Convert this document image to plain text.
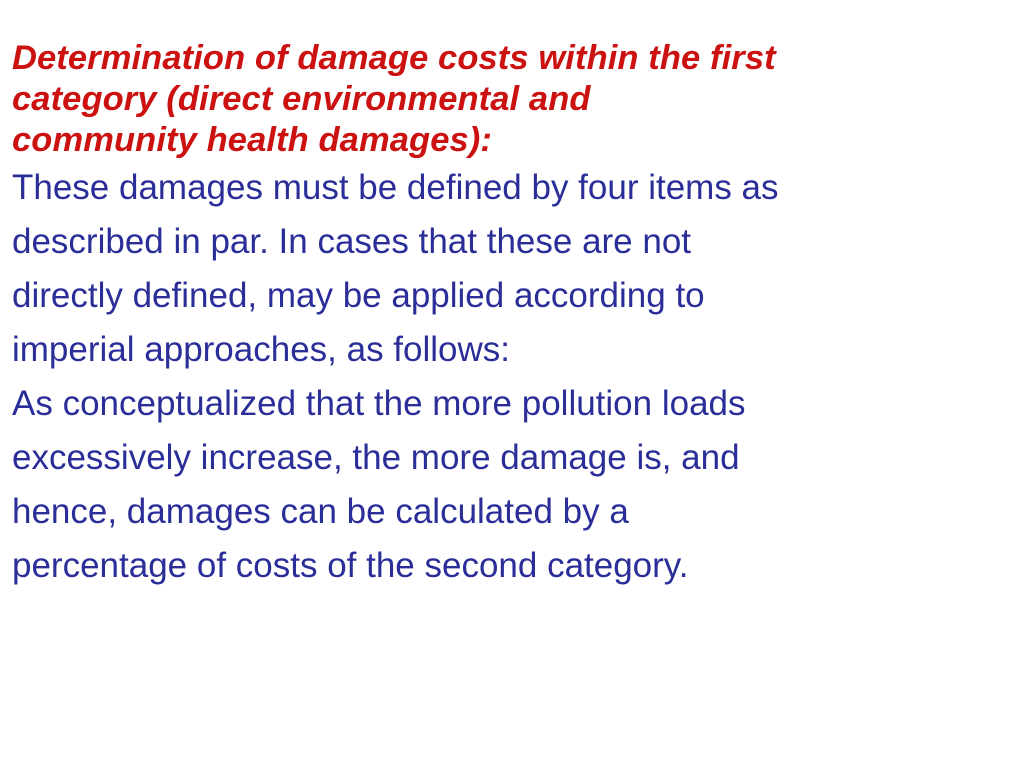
Determination of damage costs within the first
category (direct environmental and
community health damages):

These damages must be defined by four items as
described in par. In cases that these are not
directly defined, may be applied according to
imperial approaches, as follows:

As conceptualized that the more pollution loads
excessively increase, the more damage is, and
hence, damages can be calculated by a
percentage of costs of the second category.
